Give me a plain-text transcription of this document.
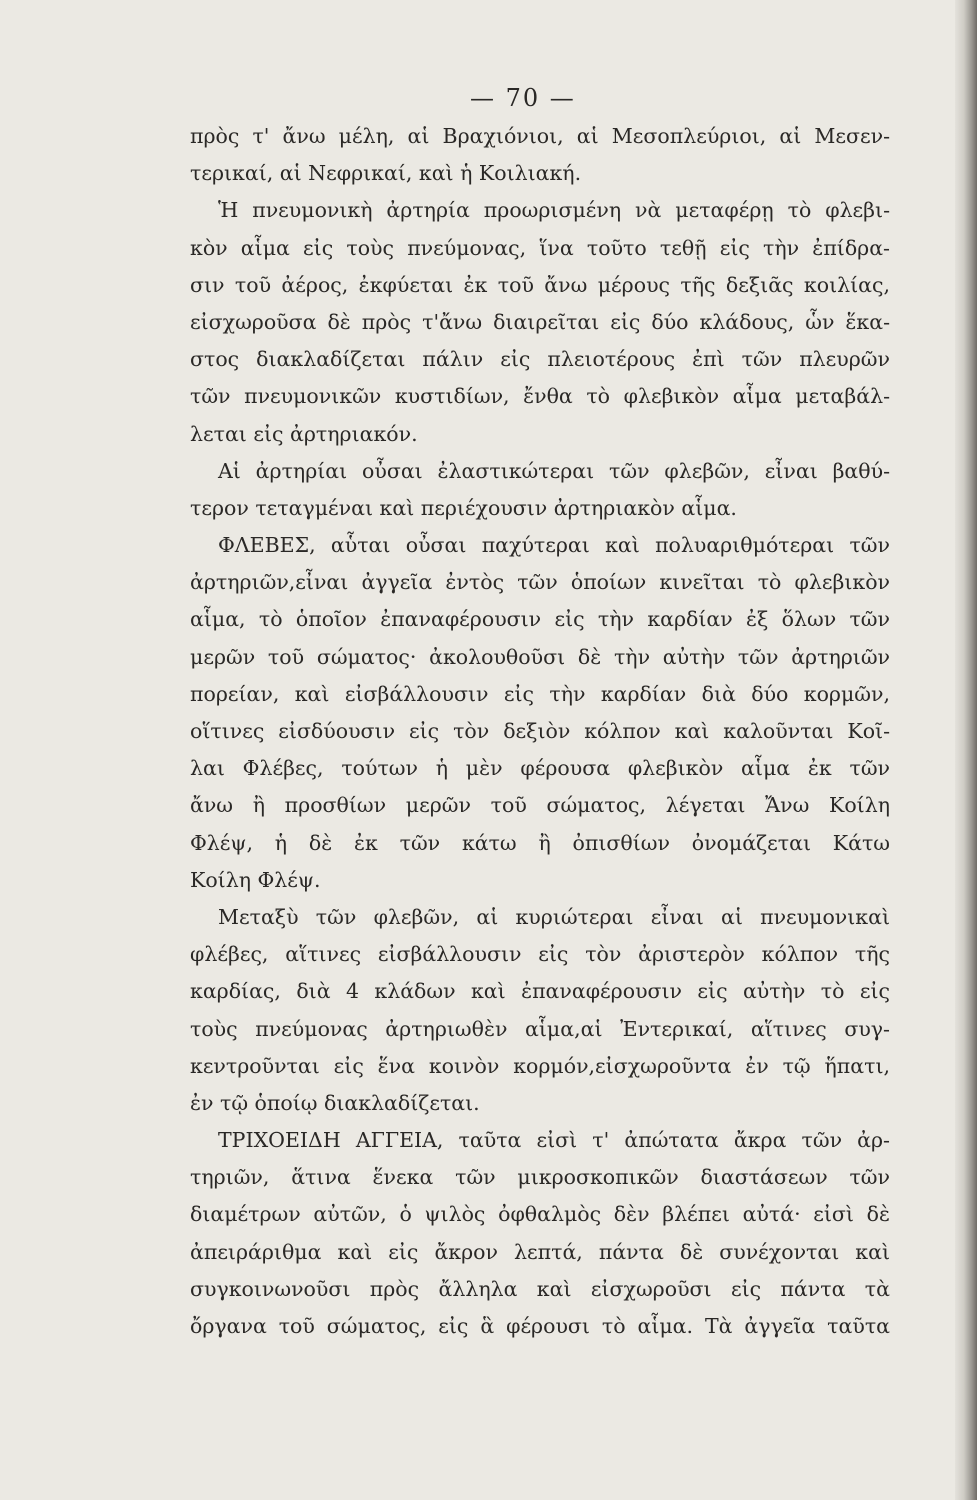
— 70 —
πρὸς τ' ἄνω μέλη, αἱ Βραχιόνιοι, αἱ Μεσοπλεύριοι, αἱ Μεσεν-
τερικαί, αἱ Νεφρικαί, καὶ ἡ Κοιλιακή.
Ἡ πνευμονικὴ ἀρτηρία προωρισμένη νὰ μεταφέρῃ τὸ φλεβι-
κὸν αἷμα εἰς τοὺς πνεύμονας, ἵνα τοῦτο τεθῇ εἰς τὴν ἐπίδρα-
σιν τοῦ ἀέρος, ἐκφύεται ἐκ τοῦ ἄνω μέρους τῆς δεξιᾶς κοιλίας,
εἰσχωροῦσα δὲ πρὸς τ'ἄνω διαιρεῖται εἰς δύο κλάδους, ὧν ἕκα-
στος διακλαδίζεται πάλιν εἰς πλειοτέρους ἐπὶ τῶν πλευρῶν
τῶν πνευμονικῶν κυστιδίων, ἔνθα τὸ φλεβικὸν αἷμα μεταβάλ-
λεται εἰς ἀρτηριακόν.
Αἱ ἀρτηρίαι οὖσαι ἐλαστικώτεραι τῶν φλεβῶν, εἶναι βαθύ-
τερον τεταγμέναι καὶ περιέχουσιν ἀρτηριακὸν αἷμα.
ΦΛΕΒΕΣ, αὗται οὖσαι παχύτεραι καὶ πολυαριθμότεραι τῶν
ἀρτηριῶν,εἶναι ἀγγεῖα ἐντὸς τῶν ὁποίων κινεῖται τὸ φλεβικὸν
αἷμα, τὸ ὁποῖον ἐπαναφέρουσιν εἰς τὴν καρδίαν ἐξ ὅλων τῶν
μερῶν τοῦ σώματος· ἀκολουθοῦσι δὲ τὴν αὐτὴν τῶν ἀρτηριῶν
πορείαν, καὶ εἰσβάλλουσιν εἰς τὴν καρδίαν διὰ δύο κορμῶν,
οἵτινες εἰσδύουσιν εἰς τὸν δεξιὸν κόλπον καὶ καλοῦνται Κοῖ-
λαι Φλέβες, τούτων ἡ μὲν φέρουσα φλεβικὸν αἷμα ἐκ τῶν
ἄνω ἢ προσθίων μερῶν τοῦ σώματος, λέγεται Ἄνω Κοίλη
Φλέψ, ἡ δὲ ἐκ τῶν κάτω ἢ ὀπισθίων ὀνομάζεται Κάτω
Κοίλη Φλέψ.
Μεταξὺ τῶν φλεβῶν, αἱ κυριώτεραι εἶναι αἱ πνευμονικαὶ
φλέβες, αἵτινες εἰσβάλλουσιν εἰς τὸν ἀριστερὸν κόλπον τῆς
καρδίας, διὰ 4 κλάδων καὶ ἐπαναφέρουσιν εἰς αὐτὴν τὸ εἰς
τοὺς πνεύμονας ἀρτηριωθὲν αἷμα,αἱ Ἐντερικαί, αἵτινες συγ-
κεντροῦνται εἰς ἕνα κοινὸν κορμόν,εἰσχωροῦντα ἐν τῷ ἥπατι,
ἐν τῷ ὁποίῳ διακλαδίζεται.
ΤΡΙΧΟΕΙΔΗ ΑΓΓΕΙΑ, ταῦτα εἰσὶ τ' ἀπώτατα ἄκρα τῶν ἀρ-
τηριῶν, ἅτινα ἕνεκα τῶν μικροσκοπικῶν διαστάσεων τῶν
διαμέτρων αὐτῶν, ὁ ψιλὸς ὀφθαλμὸς δὲν βλέπει αὐτά· εἰσὶ δὲ
ἀπειράριθμα καὶ εἰς ἄκρον λεπτά, πάντα δὲ συνέχονται καὶ
συγκοινωνοῦσι πρὸς ἄλληλα καὶ εἰσχωροῦσι εἰς πάντα τὰ
ὄργανα τοῦ σώματος, εἰς ἃ φέρουσι τὸ αἷμα. Τὰ ἀγγεῖα ταῦτα
